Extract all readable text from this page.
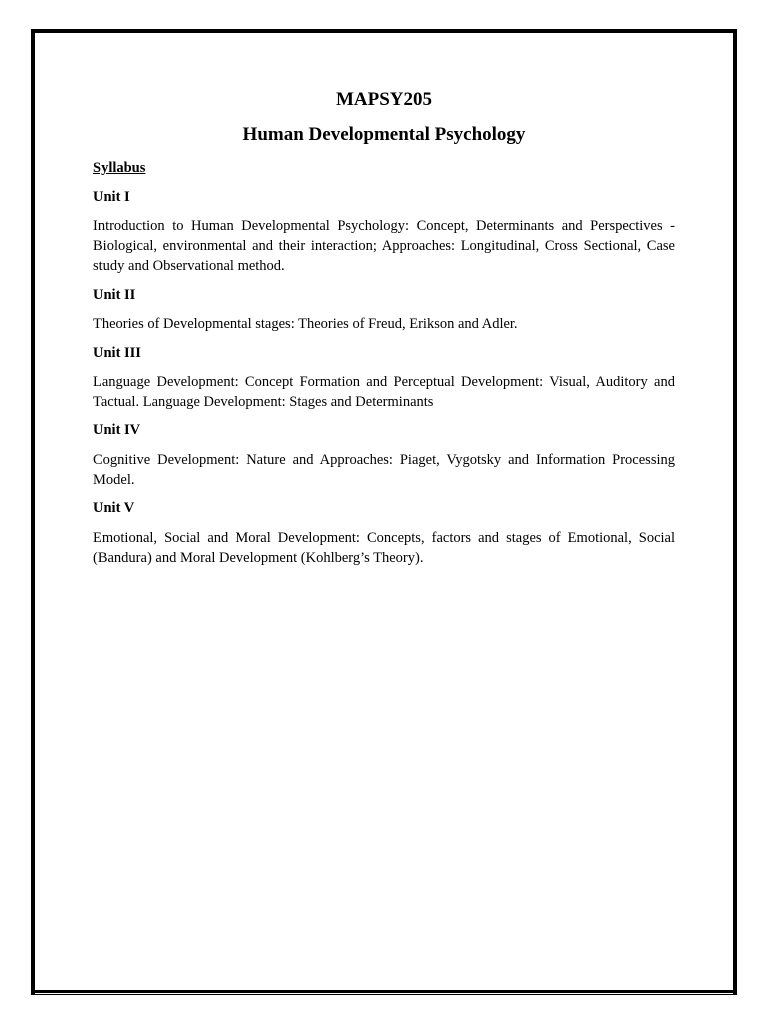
MAPSY205
Human Developmental Psychology

Syllabus

Unit I

Introduction to Human Developmental Psychology: Concept, Determinants and Perspectives - Biological, environmental and their interaction; Approaches: Longitudinal, Cross Sectional, Case study and Observational method.

Unit II

Theories of Developmental stages: Theories of Freud, Erikson and Adler.

Unit III

Language Development: Concept Formation and Perceptual Development: Visual, Auditory and Tactual. Language Development: Stages and Determinants

Unit IV

Cognitive Development: Nature and Approaches: Piaget, Vygotsky and Information Processing Model.

Unit V

Emotional, Social and Moral Development: Concepts, factors and stages of Emotional, Social (Bandura) and Moral Development (Kohlberg’s Theory).
